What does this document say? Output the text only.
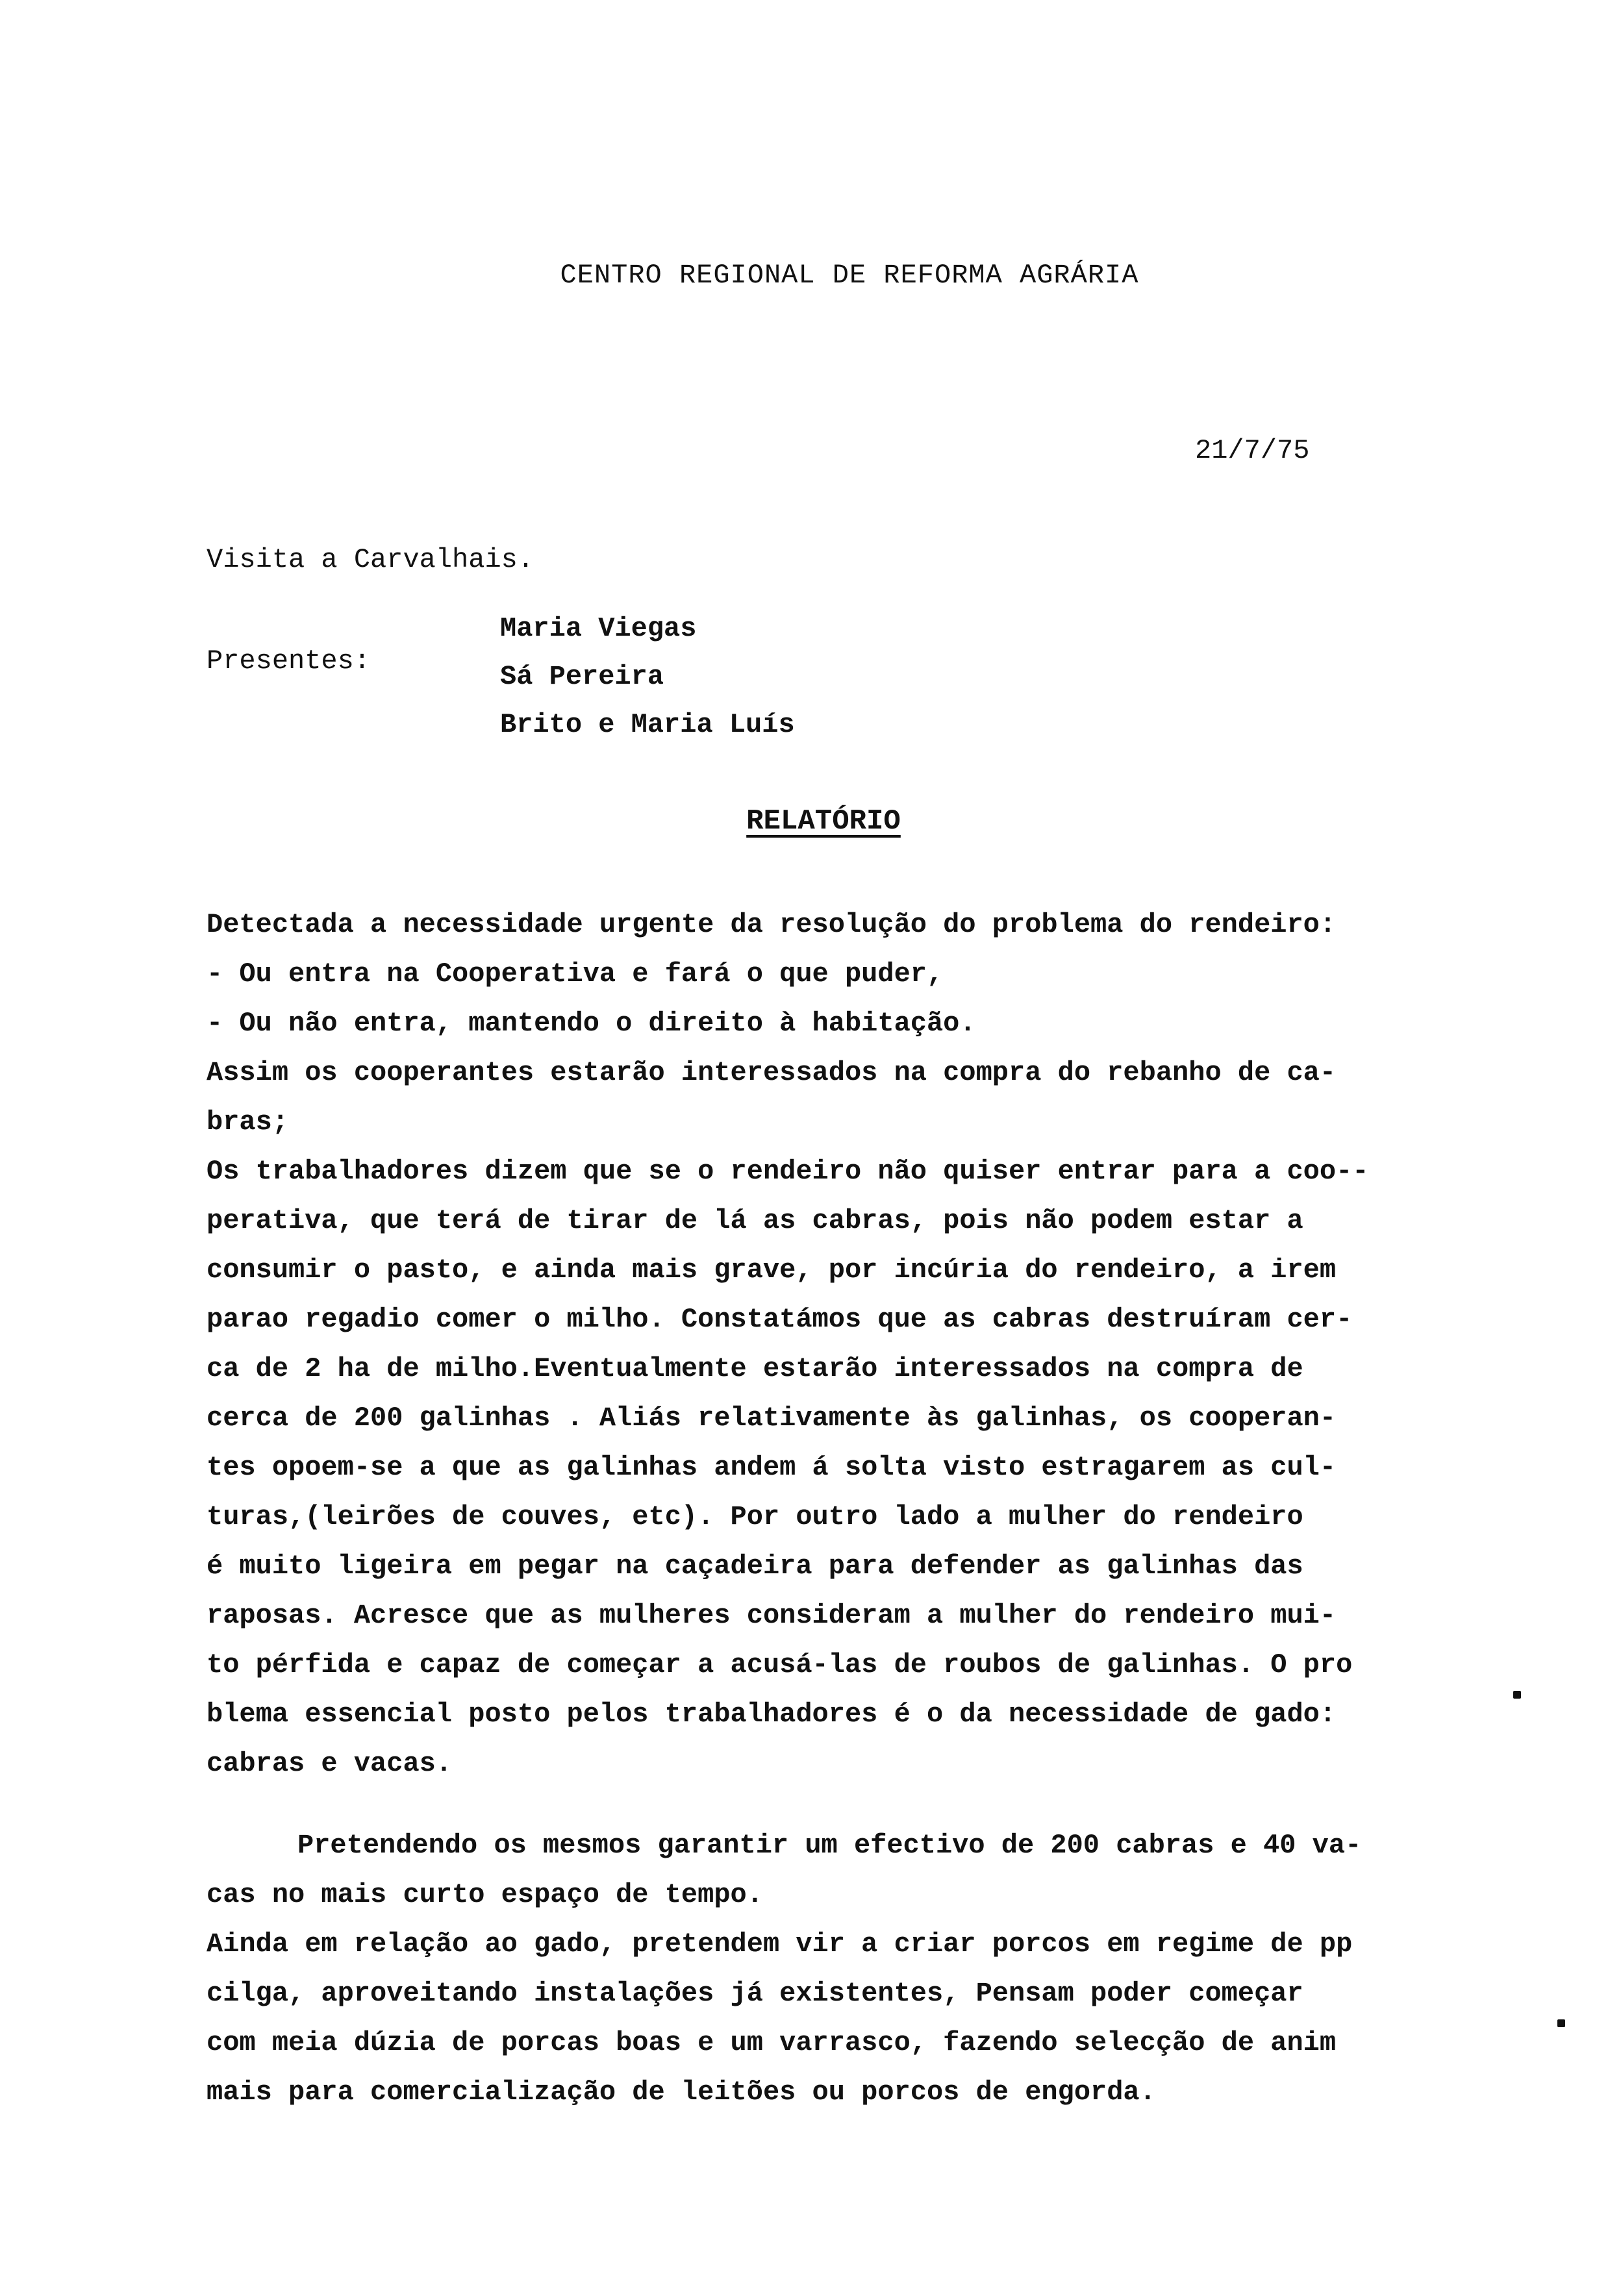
CENTRO REGIONAL DE REFORMA AGRÁRIA
21/7/75
Visita a Carvalhais.
Presentes:
Maria Viegas
Sá Pereira
Brito e Maria Luís
RELATÓRIO
Detectada a necessidade urgente da resolução do problema do rendeiro:
- Ou entra na Cooperativa e fará o que puder,
- Ou não entra, mantendo o direito à habitação.
Assim os cooperantes estarão interessados na compra do rebanho de ca-
bras;
Os trabalhadores dizem que se o rendeiro não quiser entrar para a coo--
perativa, que terá de tirar de lá as cabras, pois não podem estar a
consumir o pasto, e ainda mais grave, por incúria do rendeiro, a irem
parao regadio comer o milho. Constatámos que as cabras destruíram cer-
ca de 2 ha de milho.Eventualmente estarão interessados na compra de
cerca de 200 galinhas . Aliás relativamente às galinhas, os cooperan-
tes opoem-se a que as galinhas andem á solta visto estragarem as cul-
turas,(leirões de couves, etc). Por outro lado a mulher do rendeiro
é muito ligeira em pegar na caçadeira para defender as galinhas das
raposas. Acresce que as mulheres consideram a mulher do rendeiro mui-
to pérfida e capaz de começar a acusá-las de roubos de galinhas. O pro
blema essencial posto pelos trabalhadores é o da necessidade de gado:
cabras e vacas.
Pretendendo os mesmos garantir um efectivo de 200 cabras e 40 va-
cas no mais curto espaço de tempo.
Ainda em relação ao gado, pretendem vir a criar porcos em regime de pp
cilga, aproveitando instalações já existentes, Pensam poder começar
com meia dúzia de porcas boas e um varrasco, fazendo selecção de anim
mais para comercialização de leitões ou porcos de engorda.
